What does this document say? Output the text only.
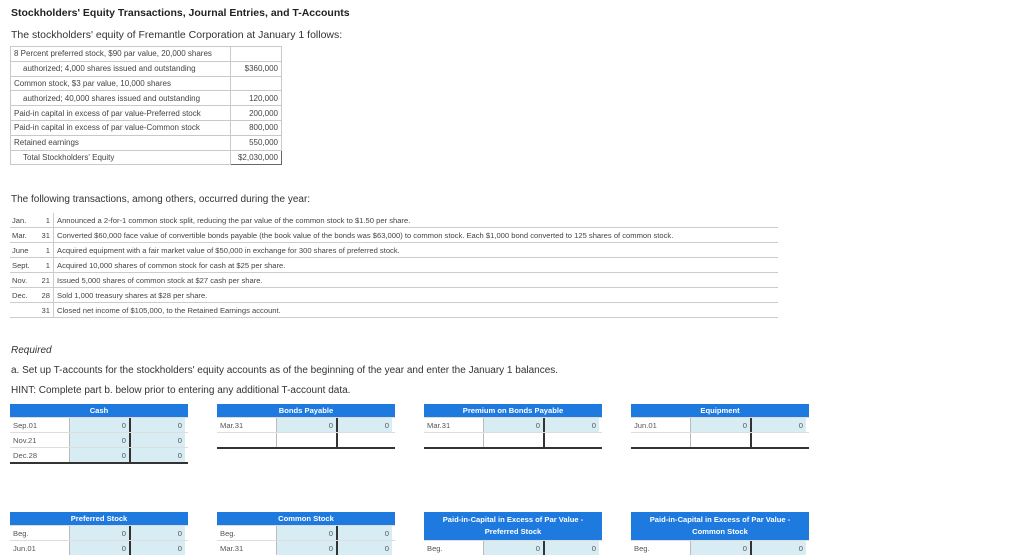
Stockholders' Equity Transactions, Journal Entries, and T-Accounts
The stockholders' equity of Fremantle Corporation at January 1 follows:
8 Percent preferred stock, $90 par value, 20,000 shares	
authorized; 4,000 shares issued and outstanding	$360,000
Common stock, $3 par value, 10,000 shares	
authorized; 40,000 shares issued and outstanding	120,000
Paid-in capital in excess of par value-Preferred stock	200,000
Paid-in capital in excess of par value-Common stock	800,000
Retained earnings	550,000
Total Stockholders' Equity	$2,030,000
The following transactions, among others, occurred during the year:
Jan.	1	Announced a 2-for-1 common stock split, reducing the par value of the common stock to $1.50 per share.
Mar.	31	Converted $60,000 face value of convertible bonds payable (the book value of the bonds was $63,000) to common stock. Each $1,000 bond converted to 125 shares of common stock.
June	1	Acquired equipment with a fair market value of $50,000 in exchange for 300 shares of preferred stock.
Sept.	1	Acquired 10,000 shares of common stock for cash at $25 per share.
Nov.	21	Issued 5,000 shares of common stock at $27 cash per share.
Dec.	28	Sold 1,000 treasury shares at $28 per share.
	31	Closed net income of $105,000, to the Retained Earnings account.
Required
a. Set up T-accounts for the stockholders' equity accounts as of the beginning of the year and enter the January 1 balances.
HINT: Complete part b. below prior to entering any additional T-account data.
Cash
Sep.01	0	0
Nov.21	0	0
Dec.28	0	0
Bonds Payable
Mar.31	0	0
Premium on Bonds Payable
Mar.31	0	0
Equipment
Jun.01	0	0
Preferred Stock
Beg.	0	0
Jun.01	0	0
Common Stock
Beg.	0	0
Mar.31	0	0
Paid-in-Capital in Excess of Par Value - Preferred Stock
Beg.	0	0
Paid-in-Capital in Excess of Par Value - Common Stock
Beg.	0	0
